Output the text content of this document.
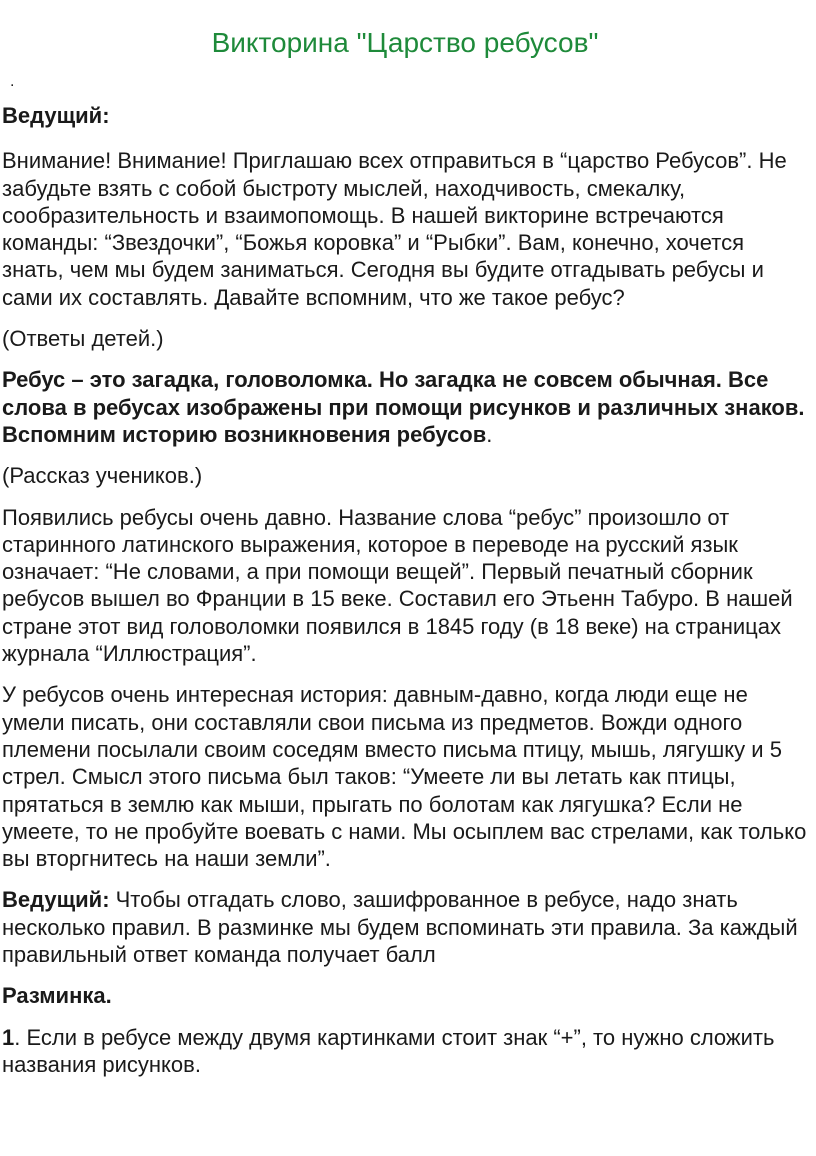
Викторина "Царство ребусов"
.

Ведущий:

Внимание! Внимание! Приглашаю всех отправиться в “царство Ребусов”. Не забудьте взять с собой быстроту мыслей, находчивость, смекалку, сообразительность и взаимопомощь. В нашей викторине встречаются команды: “Звездочки”, “Божья коровка” и “Рыбки”. Вам, конечно, хочется знать, чем мы будем заниматься. Сегодня вы будите отгадывать ребусы и сами их составлять. Давайте вспомним, что же такое ребус?

(Ответы детей.)

Ребус – это загадка, головоломка. Но загадка не совсем обычная. Все слова в ребусах изображены при помощи рисунков и различных знаков. Вспомним историю возникновения ребусов.

(Рассказ учеников.)

Появились ребусы очень давно. Название слова “ребус” произошло от старинного латинского выражения, которое в переводе на русский язык означает: “Не словами, а при помощи вещей”. Первый печатный сборник ребусов вышел во Франции в 15 веке. Составил его Этьенн Табуро. В нашей стране этот вид головоломки появился в 1845 году (в 18 веке) на страницах журнала “Иллюстрация”.

У ребусов очень интересная история: давным-давно, когда люди еще не умели писать, они составляли свои письма из предметов. Вожди одного племени посылали своим соседям вместо письма птицу, мышь, лягушку и 5 стрел. Смысл этого письма был таков: “Умеете ли вы летать как птицы, прятаться в землю как мыши, прыгать по болотам как лягушка? Если не умеете, то не пробуйте воевать с нами. Мы осыплем вас стрелами, как только вы вторгнитесь на наши земли”.

Ведущий: Чтобы отгадать слово, зашифрованное в ребусе, надо знать несколько правил. В разминке мы будем вспоминать эти правила. За каждый правильный ответ команда получает балл

Разминка.

1. Если в ребусе между двумя картинками стоит знак “+”, то нужно сложить названия рисунков.
